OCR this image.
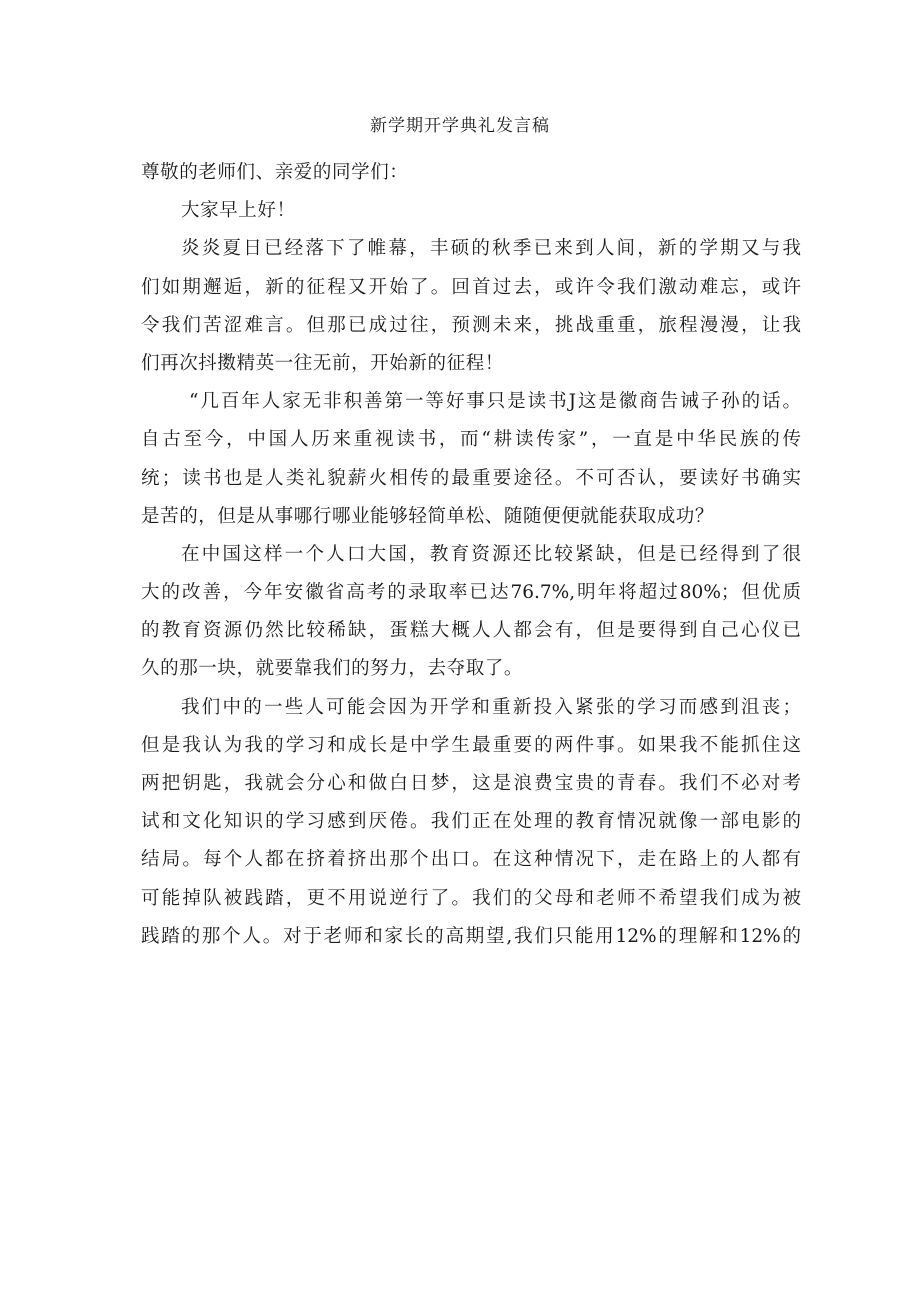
新学期开学典礼发言稿
尊敬的老师们、亲爱的同学们：
大家早上好！
炎炎夏日已经落下了帷幕，丰硕的秋季已来到人间，新的学期又与我
们如期邂逅，新的征程又开始了。回首过去，或许令我们激动难忘，或许
令我们苦涩难言。但那已成过往，预测未来，挑战重重，旅程漫漫，让我
们再次抖擞精英一往无前，开始新的征程！
“几百年人家无非积善第一等好事只是读书J这是徽商告诫子孙的话。
自古至今，中国人历来重视读书，而“耕读传家”，一直是中华民族的传
统；读书也是人类礼貌薪火相传的最重要途径。不可否认，要读好书确实
是苦的，但是从事哪行哪业能够轻简单松、随随便便就能获取成功？
在中国这样一个人口大国，教育资源还比较紧缺，但是已经得到了很
大的改善，今年安徽省高考的录取率已达76.7%,明年将超过80%；但优质
的教育资源仍然比较稀缺，蛋糕大概人人都会有，但是要得到自己心仪已
久的那一块，就要靠我们的努力，去夺取了。
我们中的一些人可能会因为开学和重新投入紧张的学习而感到沮丧；
但是我认为我的学习和成长是中学生最重要的两件事。如果我不能抓住这
两把钥匙，我就会分心和做白日梦，这是浪费宝贵的青春。我们不必对考
试和文化知识的学习感到厌倦。我们正在处理的教育情况就像一部电影的
结局。每个人都在挤着挤出那个出口。在这种情况下，走在路上的人都有
可能掉队被践踏，更不用说逆行了。我们的父母和老师不希望我们成为被
践踏的那个人。对于老师和家长的高期望,我们只能用12%的理解和12%的
